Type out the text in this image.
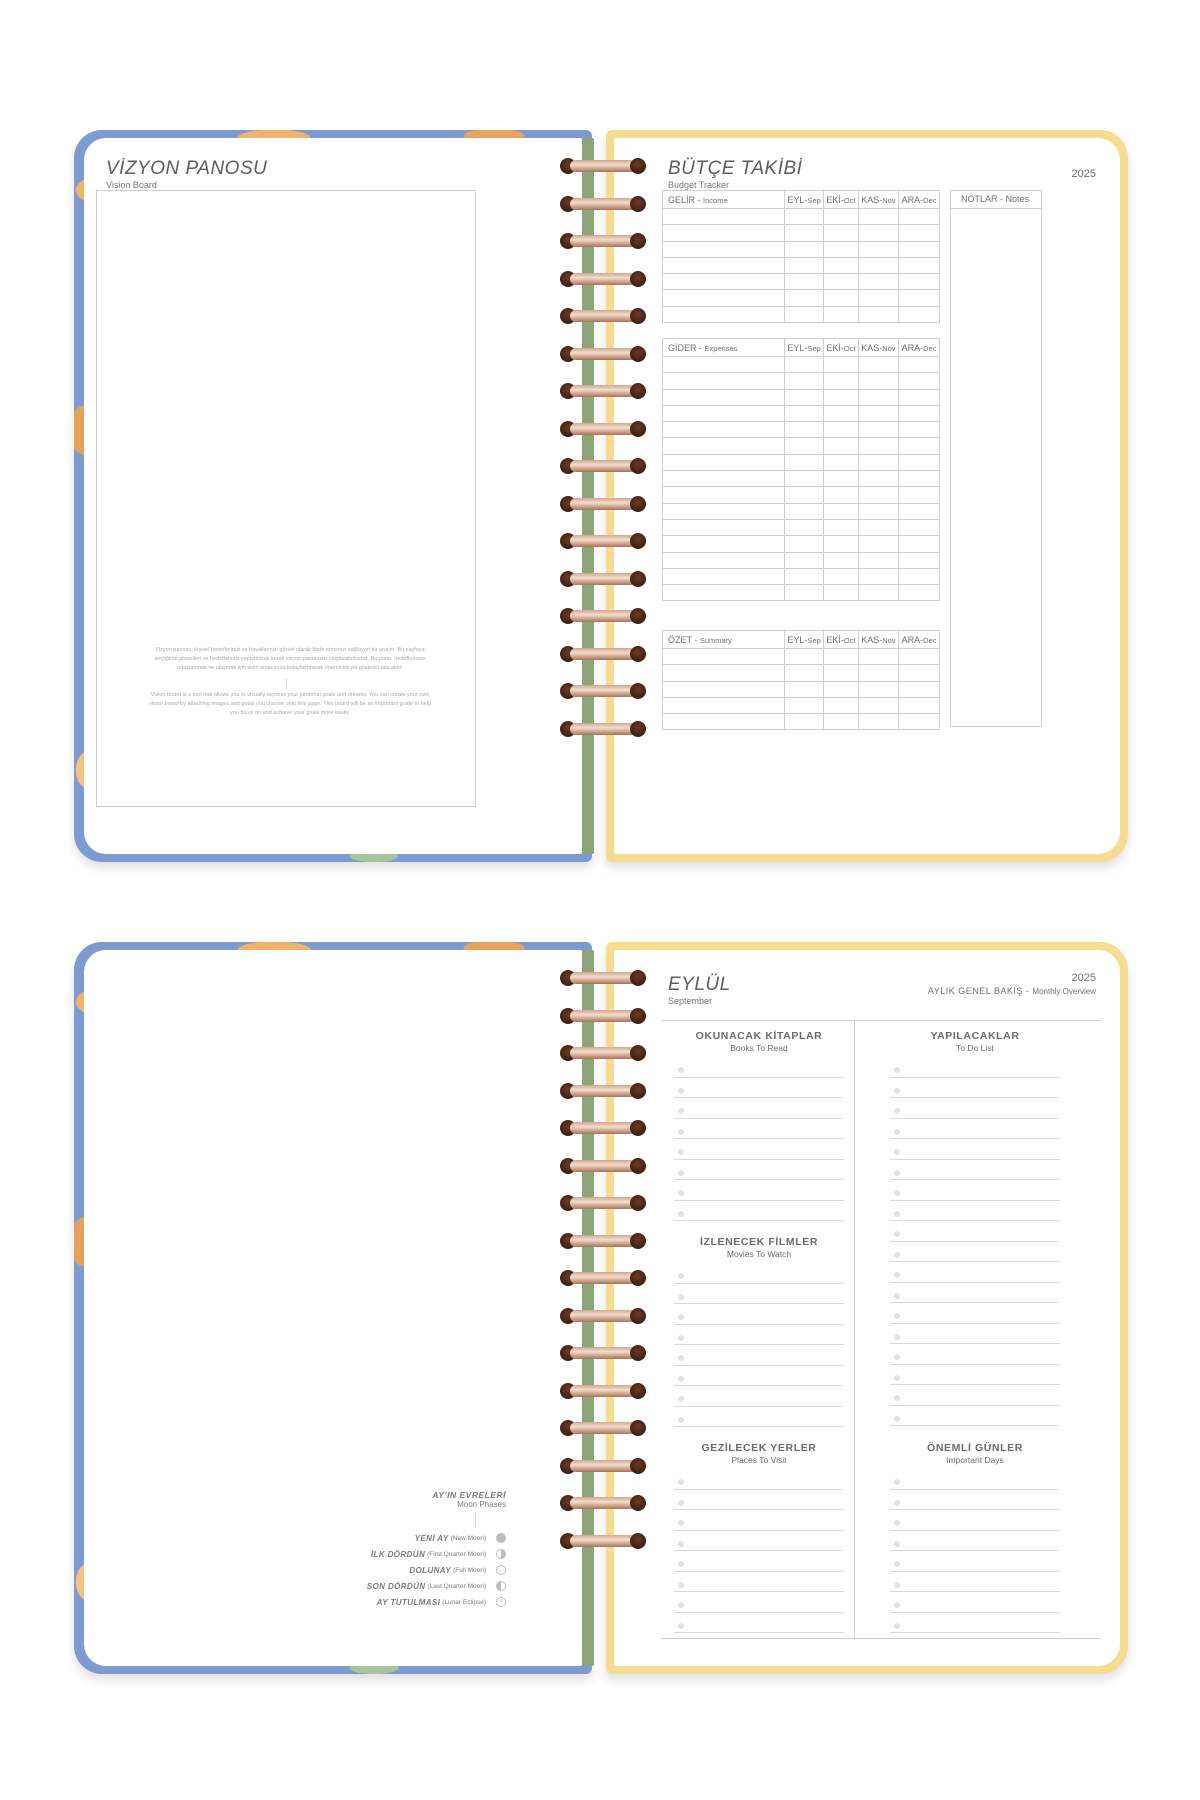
VİZYON PANOSU
Vision Board
Vizyon panosu, kişisel hedeflerinizi ve hayallerinizi görsel olarak ifade etmenizi sağlayan bir araçtır. Bu sayfaya seçtiğiniz görselleri ve hedeflerinizi yapıştırarak kendi vizyon panonuzu oluşturabilirsiniz. Bu pano, hedeflerinize odaklanmak ve ulaşmak için sizin amacınıza kolaylaştıracak önemli bir yol gösterici olacaktır.
Vision board is a tool that allows you to visually express your personal goals and dreams. You can create your own vision board by attaching images and goals you choose onto this page. This board will be an important guide to help you focus on and achieve your goals more easily.
BÜTÇE TAKİBİ
Budget Tracker
2025
GELİR - Income	EYL-Sep	EKİ-Oct	KAS-Nov	ARA-Dec

GİDER - Expenses	EYL-Sep	EKİ-Oct	KAS-Nov	ARA-Dec

ÖZET - Summary	EYL-Sep	EKİ-Oct	KAS-Nov	ARA-Dec

NOTLAR - Notes
AY'IN EVRELERİ
Moon Phases
YENİ AY (New Moon)
İLK DÖRDÜN (First Quarter Moon)
DOLUNAY (Full Moon)
SON DÖRDÜN (Last Quarter Moon)
AY TUTULMASI (Lunar Eclipse)	×
EYLÜL
September
2025
AYLIK GENEL BAKIŞ - Monthly Overview
OKUNACAK KİTAPLAR
Books To Read
İZLENECEK FİLMLER
Movies To Watch
GEZİLECEK YERLER
Places To Visit
YAPILACAKLAR
To Do List
ÖNEMLİ GÜNLER
Important Days
